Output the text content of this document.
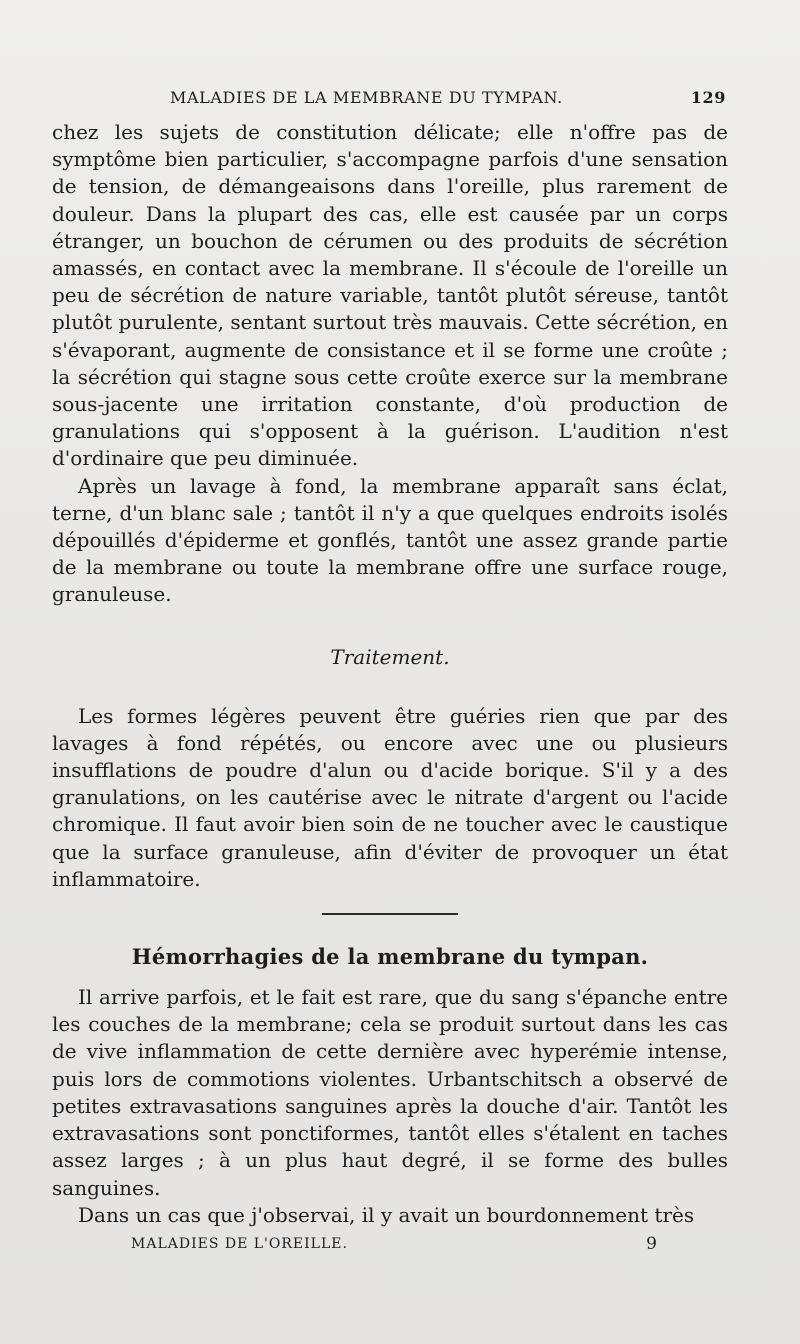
MALADIES DE LA MEMBRANE DU TYMPAN.	129

chez les sujets de constitution délicate; elle n'offre pas de symptôme bien particulier, s'accompagne parfois d'une sensation de tension, de démangeaisons dans l'oreille, plus rarement de douleur. Dans la plupart des cas, elle est causée par un corps étranger, un bouchon de cérumen ou des produits de sécrétion amassés, en contact avec la membrane. Il s'écoule de l'oreille un peu de sécrétion de nature variable, tantôt plutôt séreuse, tantôt plutôt purulente, sentant surtout très mauvais. Cette sécrétion, en s'évaporant, augmente de consistance et il se forme une croûte ; la sécrétion qui stagne sous cette croûte exerce sur la membrane sous-jacente une irritation constante, d'où production de granulations qui s'opposent à la guérison. L'audition n'est d'ordinaire que peu diminuée.

Après un lavage à fond, la membrane apparaît sans éclat, terne, d'un blanc sale ; tantôt il n'y a que quelques endroits isolés dépouillés d'épiderme et gonflés, tantôt une assez grande partie de la membrane ou toute la membrane offre une surface rouge, granuleuse.

Traitement.

Les formes légères peuvent être guéries rien que par des lavages à fond répétés, ou encore avec une ou plusieurs insufflations de poudre d'alun ou d'acide borique. S'il y a des granulations, on les cautérise avec le nitrate d'argent ou l'acide chromique. Il faut avoir bien soin de ne toucher avec le caustique que la surface granuleuse, afin d'éviter de provoquer un état inflammatoire.

Hémorrhagies de la membrane du tympan.

Il arrive parfois, et le fait est rare, que du sang s'épanche entre les couches de la membrane; cela se produit surtout dans les cas de vive inflammation de cette dernière avec hyperémie intense, puis lors de commotions violentes. Urbantschitsch a observé de petites extravasations sanguines après la douche d'air. Tantôt les extravasations sont ponctiformes, tantôt elles s'étalent en taches assez larges ; à un plus haut degré, il se forme des bulles sanguines.

Dans un cas que j'observai, il y avait un bourdonnement très

MALADIES DE L'OREILLE.	9
